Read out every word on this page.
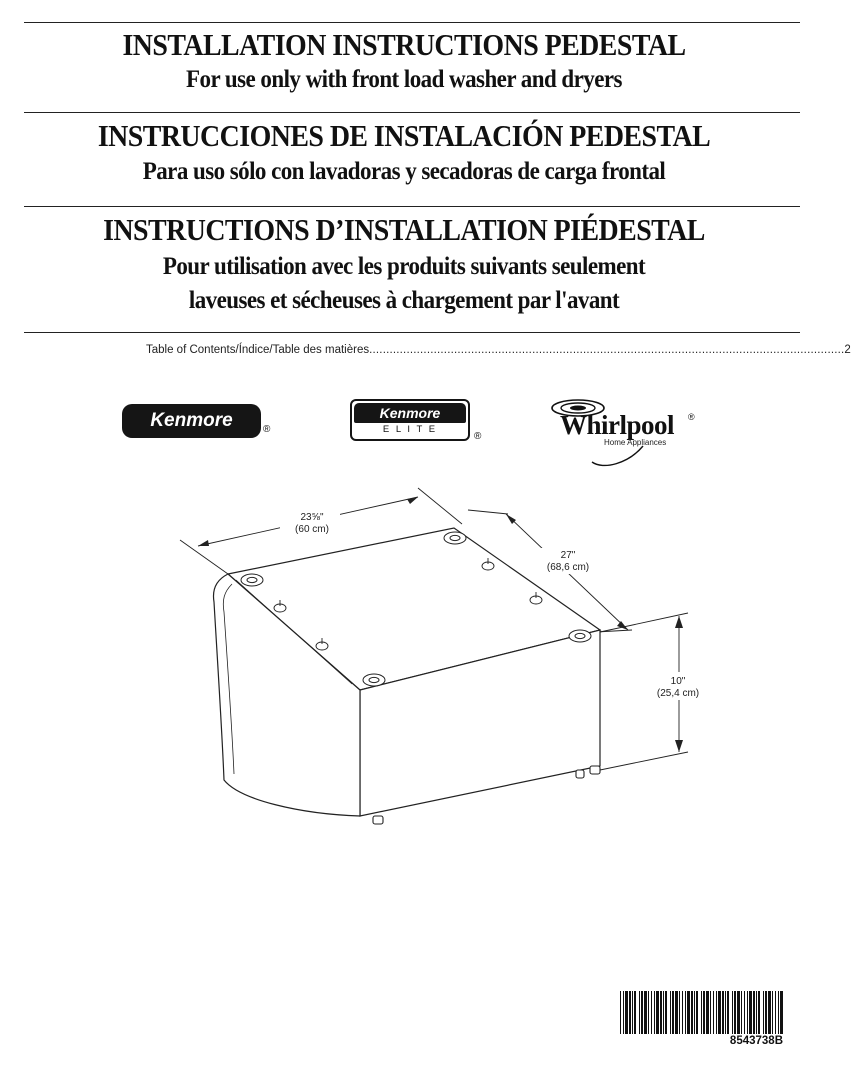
INSTALLATION INSTRUCTIONS PEDESTAL
For use only with front load washer and dryers
INSTRUCCIONES DE INSTALACIÓN PEDESTAL
Para uso sólo con lavadoras y secadoras de carga frontal
INSTRUCTIONS D’INSTALLATION PIÉDESTAL
Pour utilisation avec les produits suivants seulement
laveuses et sécheuses à chargement par l'avant
Table of Contents/Índice/Table des matières ............................................................................................................................................ 2
Kenmore	®
Kenmore
E L I T E
®	Whirlpool ®
Home Appliances
23⅝"
(60 cm)
27"
(68,6 cm)
10"
(25,4 cm)
8543738B
